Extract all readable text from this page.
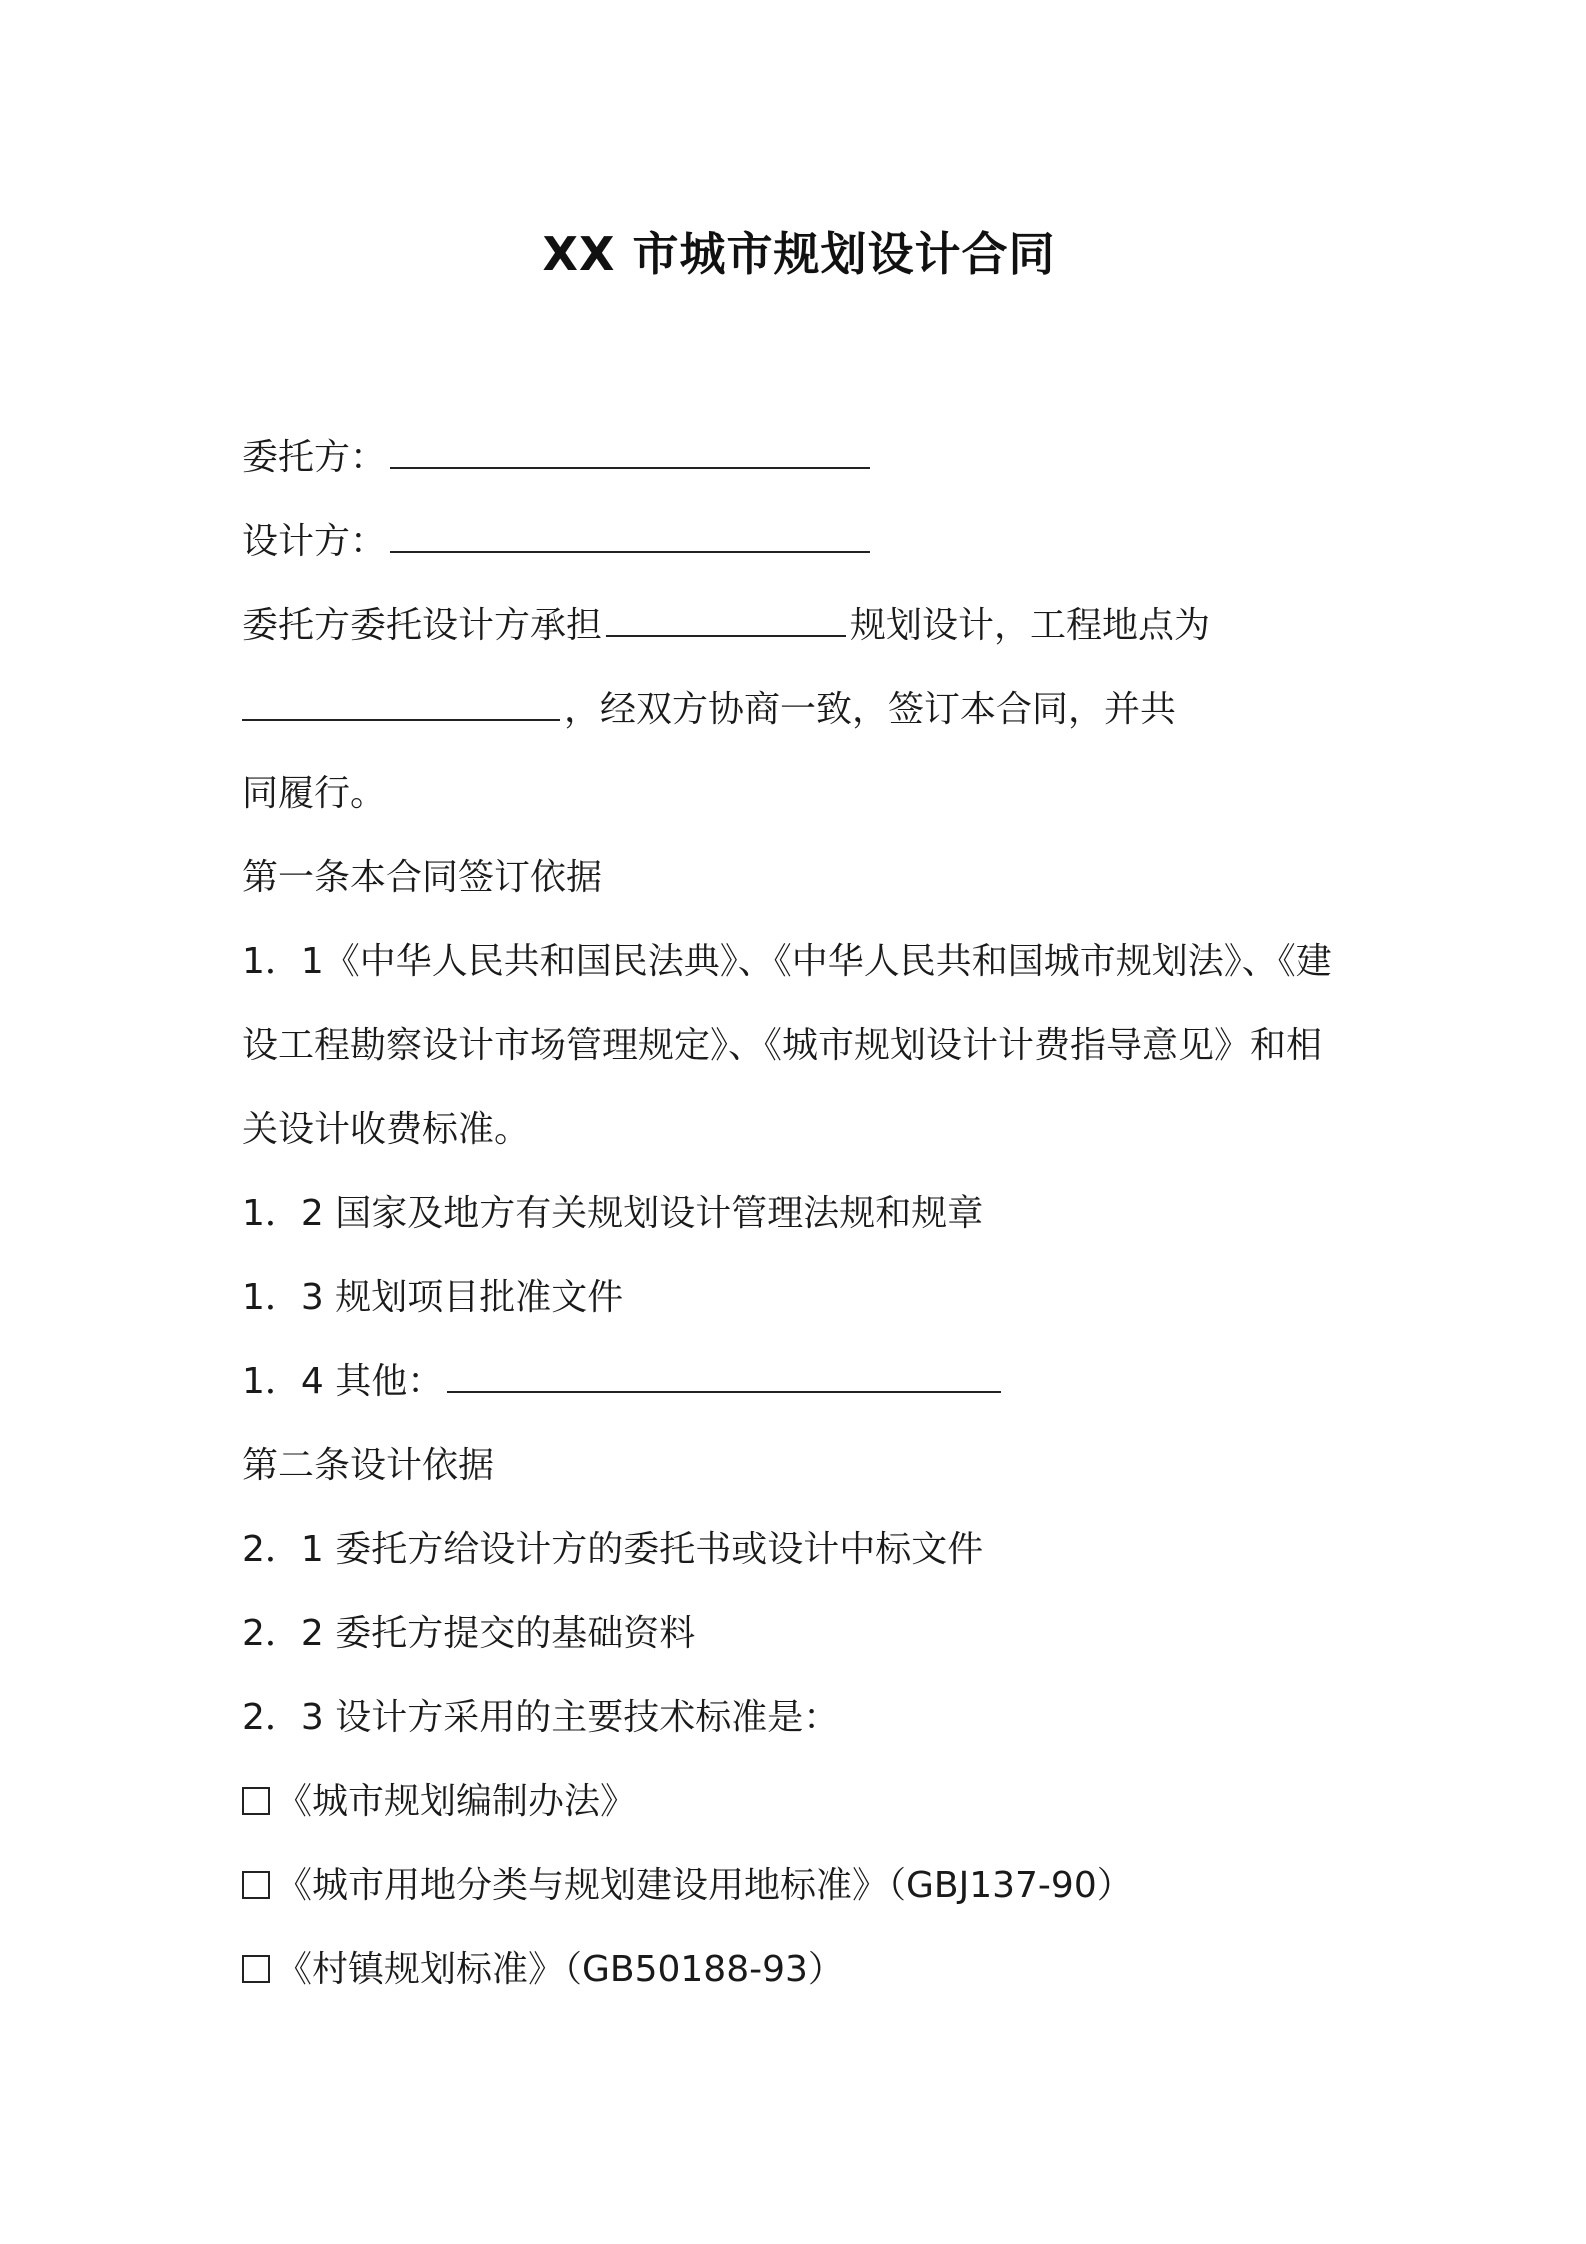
XX 市城市规划设计合同
委托方：
设计方：
委托方委托设计方承担	规划设计，工程地点为
，经双方协商一致，签订本合同，并共
同履行。
第一条本合同签订依据
1．1《中华人民共和国民法典》、《中华人民共和国城市规划法》、《建
设工程勘察设计市场管理规定》、《城市规划设计计费指导意见》和相
关设计收费标准。
1．2 国家及地方有关规划设计管理法规和规章
1．3 规划项目批准文件
1．4 其他：
第二条设计依据
2．1 委托方给设计方的委托书或设计中标文件
2．2 委托方提交的基础资料
2．3 设计方采用的主要技术标准是：
《城市规划编制办法》
《城市用地分类与规划建设用地标准》（GBJ137-90）
《村镇规划标准》（GB50188-93）
